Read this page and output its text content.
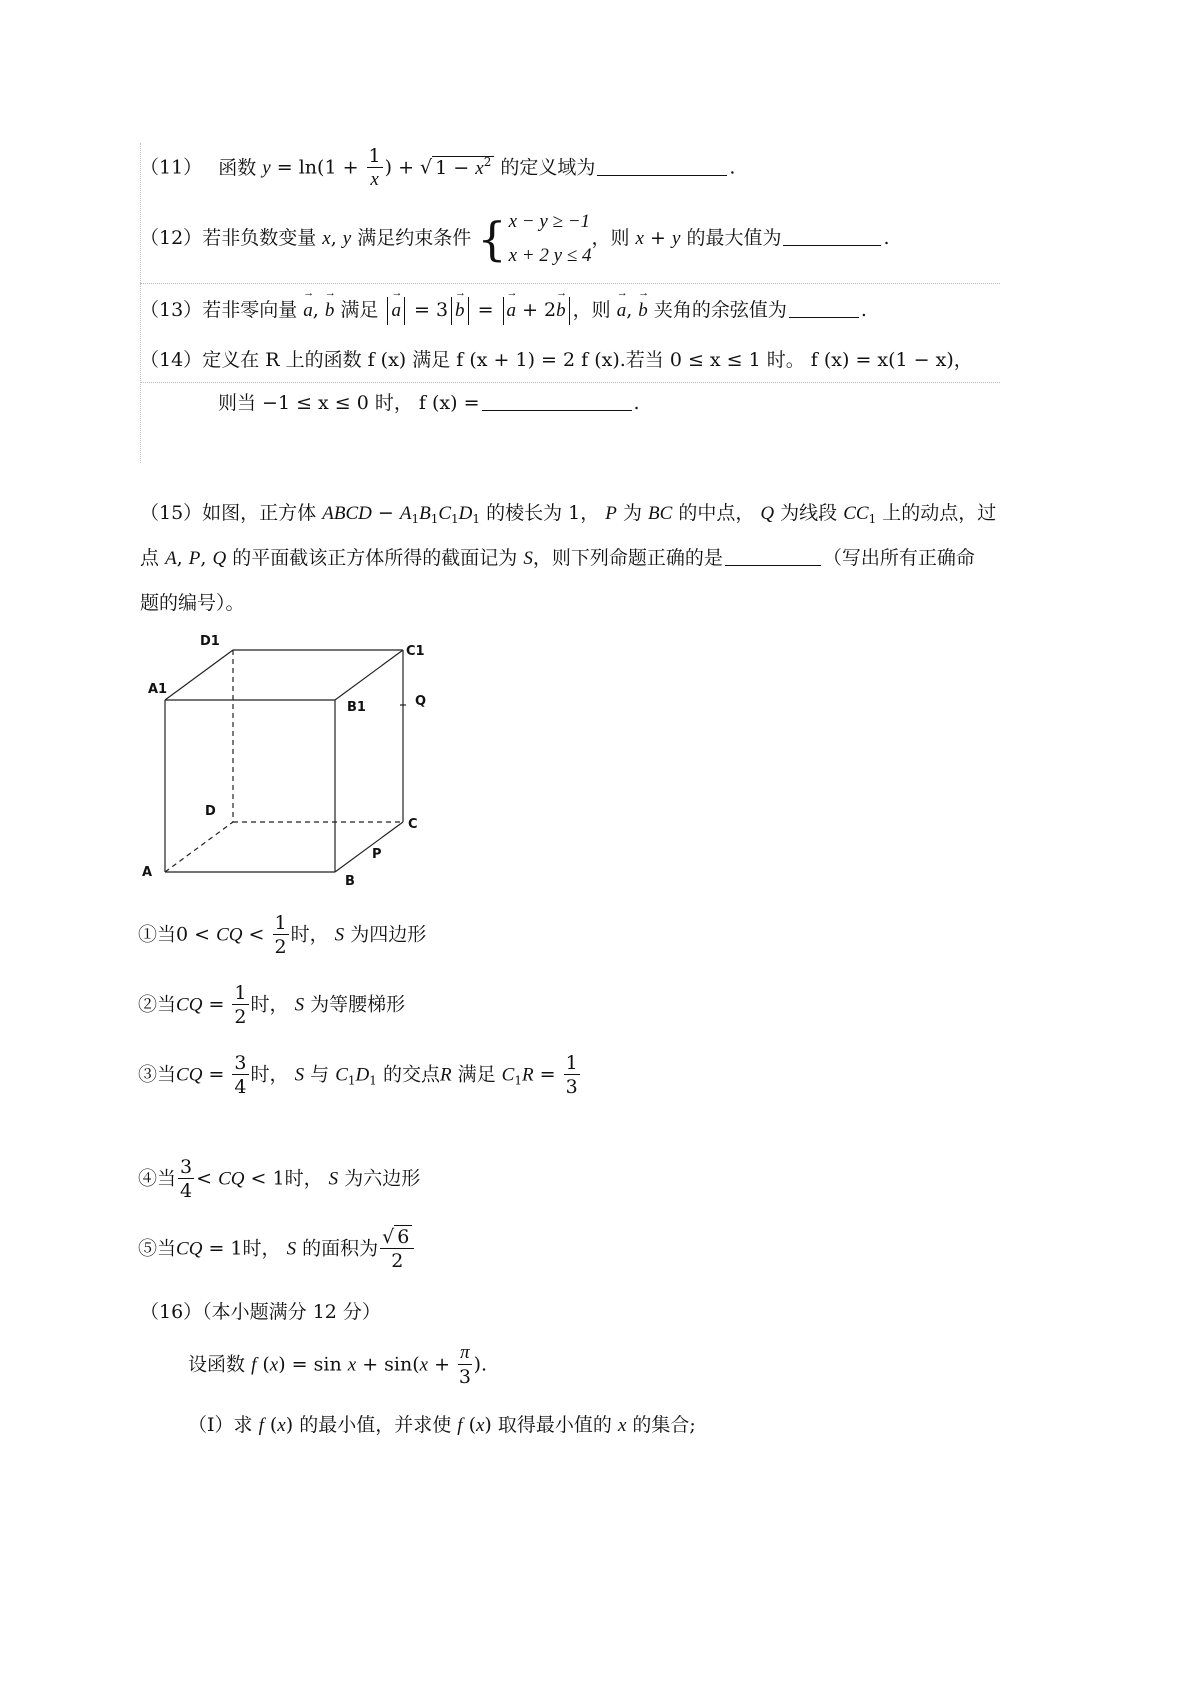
（11） 函数 $y = \ln(1 + \frac{1}{x}$ ) + √ $1 - x^2$ 的定义域为	.
（12）若非负数变量 x, y 满足约束条件 { x − y ≥ −1
x + 2 y ≤ 4
，则 x + y 的最大值为	.
（13）若非零向量 → a, → b 满足 → a = 3 → b = → a + 2→ b ，则 → a, → b 夹角的余弦值为	.
（14）定义在 R 上的函数 f (x) 满足 f (x + 1) = 2 f (x).若当 0 ≤ x ≤ 1 时。 f (x) = x(1 − x)，
则当 −1 ≤ x ≤ 0 时， f (x) =	.
（15）如图，正方体 ABCD − $A_1B_1C_1D_1$ 的棱长为 1， P 为 BC 的中点， Q 为线段 $CC_1$ 上的动点，过
点 A, P, Q 的平面截该正方体所得的截面记为 S，则下列命题正确的是	（写出所有正确命
题的编号）。
D1
C1
A1
B1	Q
D
C
P
A
B
①当0 < CQ < $\frac{1}{2}$ 时， S 为四边形
②当CQ = $\frac{1}{2}$ 时， S 为等腰梯形
③当CQ = $\frac{3}{4}$ 时， S 与 $C_1D_1$ 的交点R 满足 $C_1R = \frac{1}{3}$
④当 $\frac{3}{4}$ < CQ < 1时， S 为六边形
⑤当CQ = 1时， S 的面积为 $\frac{√ 6}{2}$
（16）（本小题满分 12 分）
设函数 f $(x) = \sin x + \sin(x + \frac{\pi}{3}$ ).
（Ⅰ）求 f (x) 的最小值，并求使 f (x) 取得最小值的 x 的集合;
